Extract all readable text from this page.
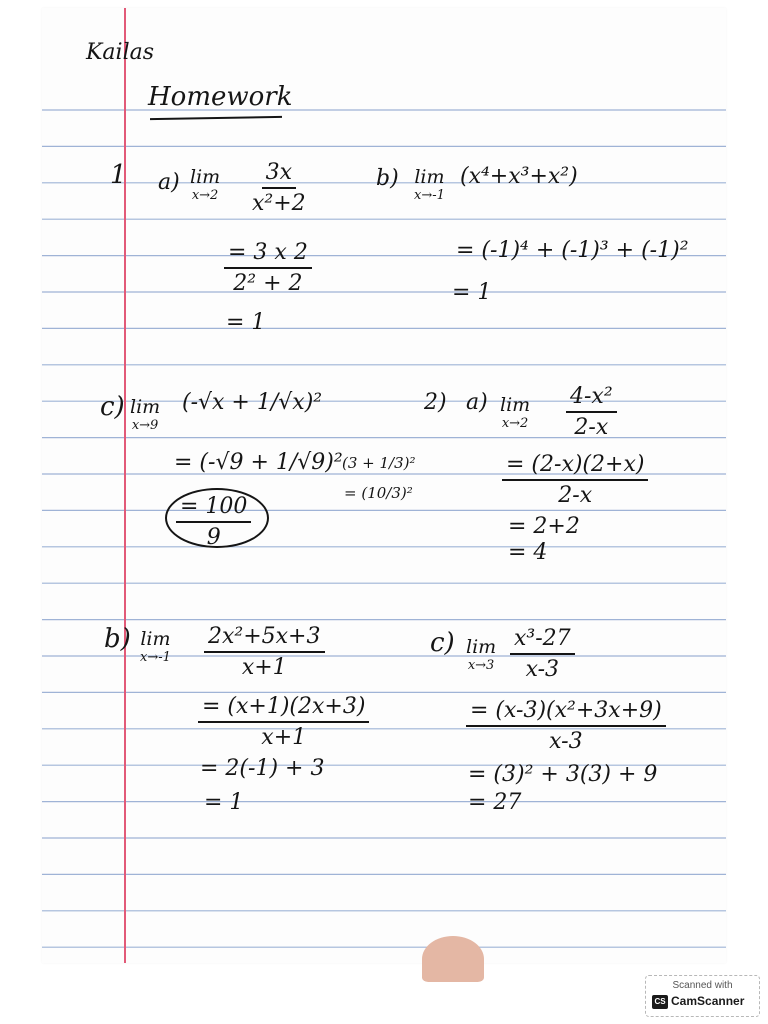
Kailas
Homework
1 a) lim
$x\to 2 \frac{3x}{\text{x²+2}}$
$\frac{= 3 x 2}{\text{2² + 2}}$
= 1
b) lim
x→-1
(x⁴+x³+x²)
= (-1)⁴ + (-1)³ + (-1)²
= 1
c) lim
x→9
(-√x + 1/√x)²
= (-√9 + 1/√9)² (3 + 1/3)²
= (10/3)²
$\frac{= 100}{9}$
2) a) lim
$x\to 2 \frac{\text{4-x²}}{2-x}$
$\frac{= (2-x)(2+x)}{2-x}$
= 2+2
= 4
b) lim
$x\to-1 \frac{\text{2x²+5x+3}}{x+1}$
$\frac{= (x+1)(2x+3)}{x+1}$
= 2(-1) + 3
= 1
c) lim
$x\to 3 \frac{\text{x³-27}}{x-3}$
$\frac{\text{= (x-3)(x²+3x+9)}}{x-3}$
= (3)² + 3(3) + 9
= 27
Scanned with
CS CamScanner
